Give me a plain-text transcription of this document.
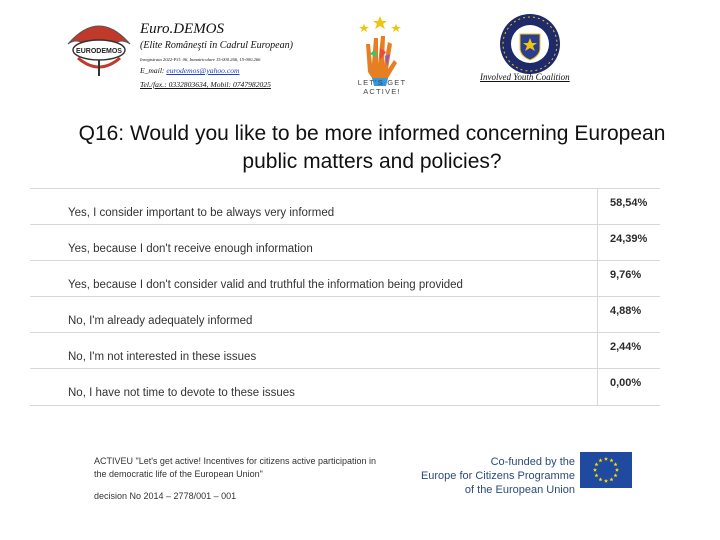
EURODEMOS
Euro.DEMOS
(Elite Româneşti în Cadrul European)
Inregistrata 2022-P.O. 06, Inmatriculare 15-000.266, 15-000.266
E_mail: eurodemos@yahoo.com
Tel./fax.: 0332803634, Mobil: 0747982025	LET'S GET
ACTIVE!
Involved Youth Coalition
Q16: Would you like to be more informed concerning European public matters and policies?
Yes, I consider important to be always very informed
58,54%
Yes, because I don't receive enough information
24,39%
Yes, because I don't consider valid and truthful the information being provided
9,76%
No, I'm already adequately informed
4,88%
No, I'm not interested in these issues
2,44%
No, I have not time to devote to these issues
0,00%
ACTIVEU "Let's get active! Incentives for citizens active participation in the democratic life of the European Union"
decision No 2014 – 2778/001 – 001
Co-funded by the
Europe for Citizens Programme
of the European Union
